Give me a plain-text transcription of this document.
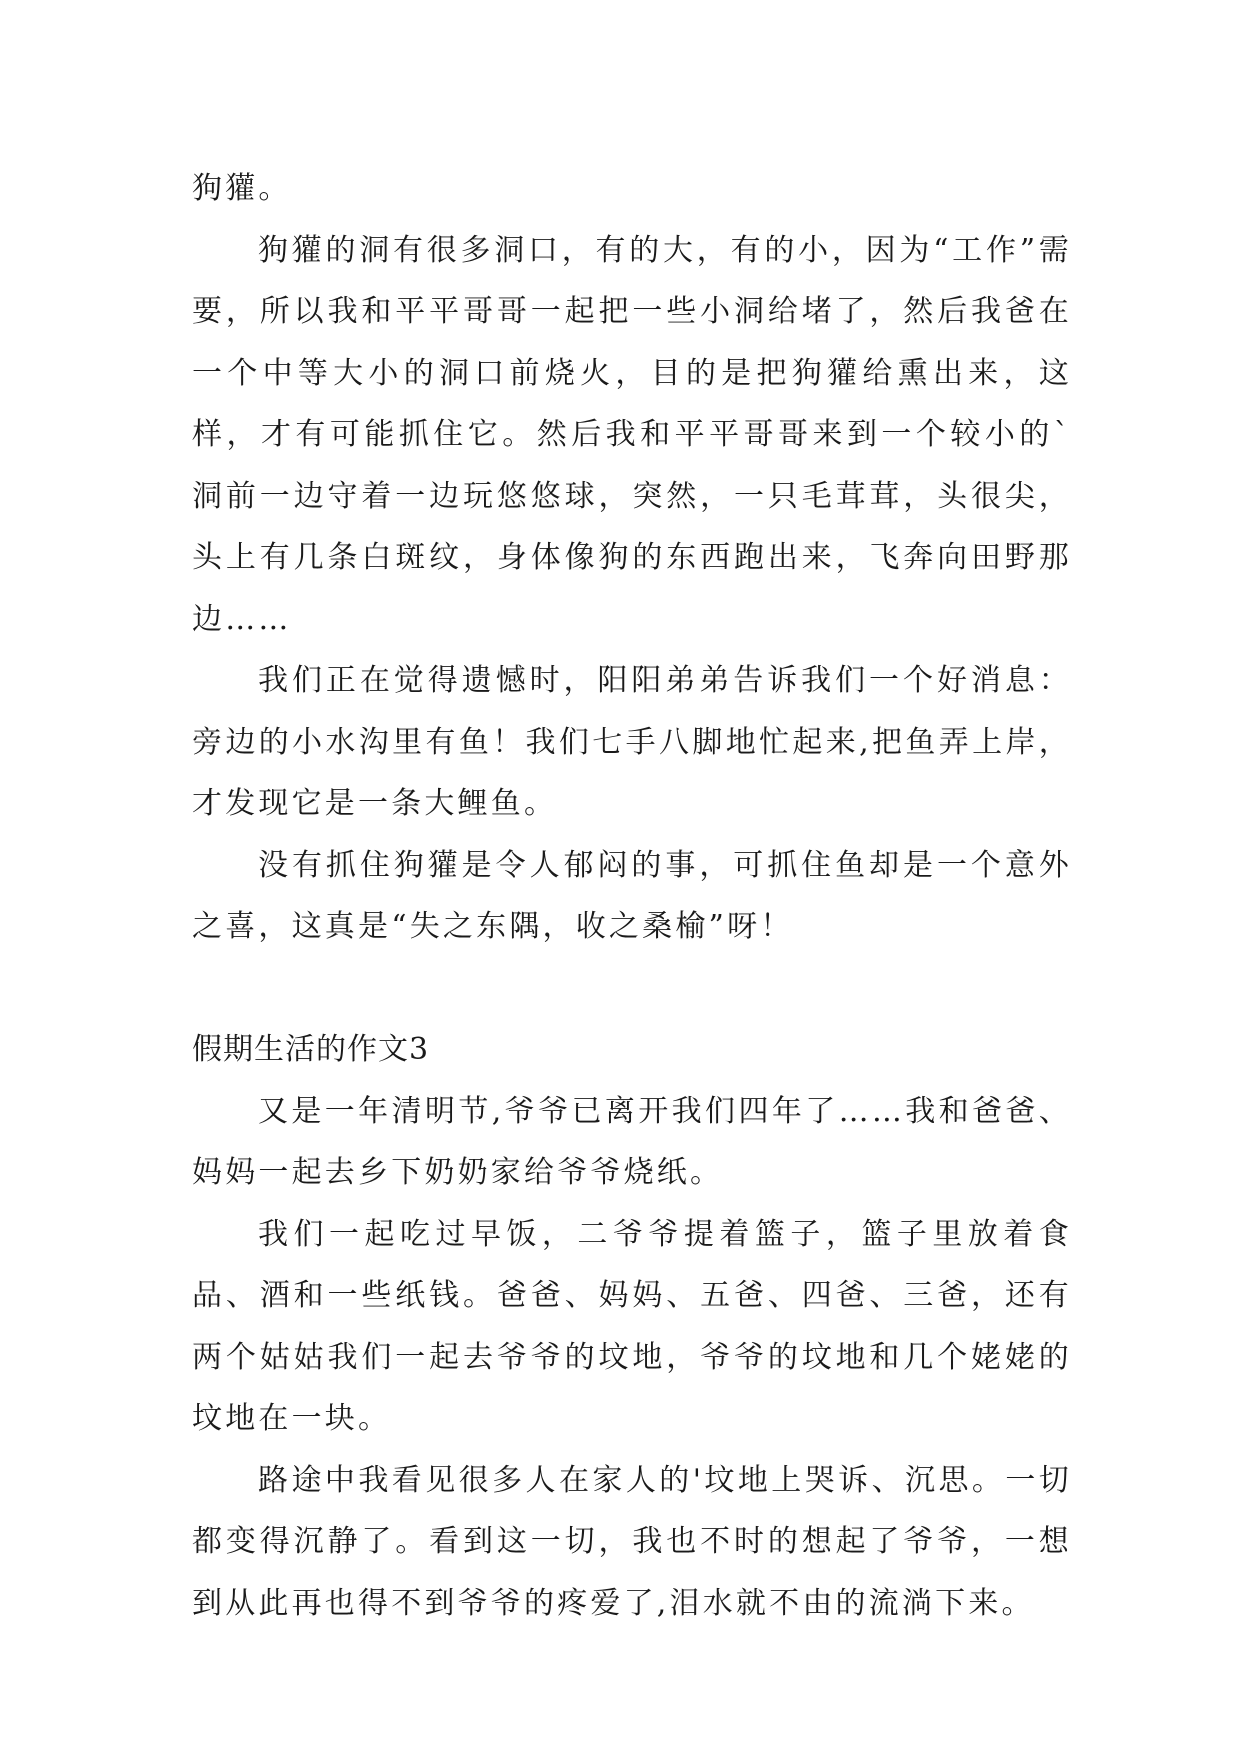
狗獾。

狗獾的洞有很多洞口，有的大，有的小，因为“工作”需要，所以我和平平哥哥一起把一些小洞给堵了，然后我爸在一个中等大小的洞口前烧火，目的是把狗獾给熏出来，这样，才有可能抓住它。然后我和平平哥哥来到一个较小的`洞前一边守着一边玩悠悠球，突然，一只毛茸茸，头很尖，头上有几条白斑纹，身体像狗的东西跑出来，飞奔向田野那边……

我们正在觉得遗憾时，阳阳弟弟告诉我们一个好消息：旁边的小水沟里有鱼！我们七手八脚地忙起来,把鱼弄上岸，才发现它是一条大鲤鱼。

没有抓住狗獾是令人郁闷的事，可抓住鱼却是一个意外之喜，这真是“失之东隅，收之桑榆”呀！

假期生活的作文3

又是一年清明节,爷爷已离开我们四年了……我和爸爸、妈妈一起去乡下奶奶家给爷爷烧纸。

我们一起吃过早饭，二爷爷提着篮子，篮子里放着食品、酒和一些纸钱。爸爸、妈妈、五爸、四爸、三爸，还有两个姑姑我们一起去爷爷的坟地，爷爷的坟地和几个姥姥的坟地在一块。

路途中我看见很多人在家人的'坟地上哭诉、沉思。一切都变得沉静了。看到这一切，我也不时的想起了爷爷，一想到从此再也得不到爷爷的疼爱了,泪水就不由的流淌下来。
